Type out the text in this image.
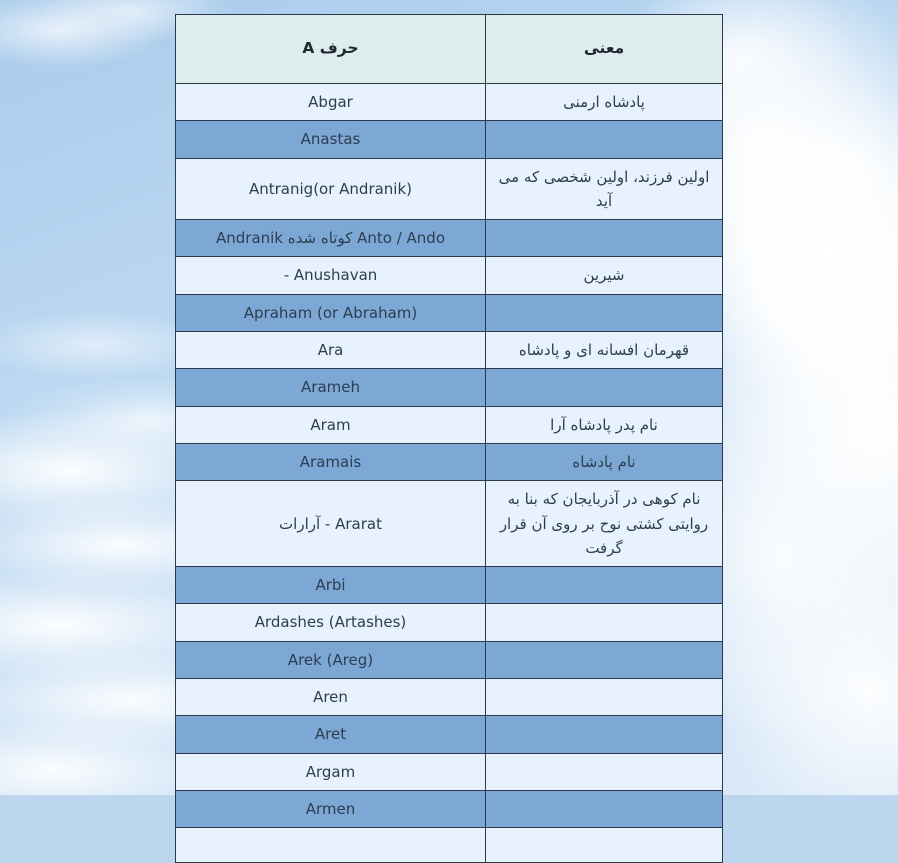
معنی	حرف A
پادشاه ارمنی	Abgar
	Anastas
اولین فرزند، اولین شخصی که می آید	Antranig(or Andranik)
	Anto / Ando کوتاه شده Andranik
شیرین	- Anushavan
	Apraham (or Abraham)
قهرمان افسانه ای و پادشاه	Ara
	Arameh
نام پدر پادشاه آرا	Aram
نام پادشاه	Aramais
نام کوهی در آذربایجان که بنا به روایتی کشتی نوح بر روی آن قرار گرفت	Ararat - آرارات
	Arbi
	Ardashes (Artashes)
	Arek (Areg)
	Aren
	Aret
	Argam
	Armen
